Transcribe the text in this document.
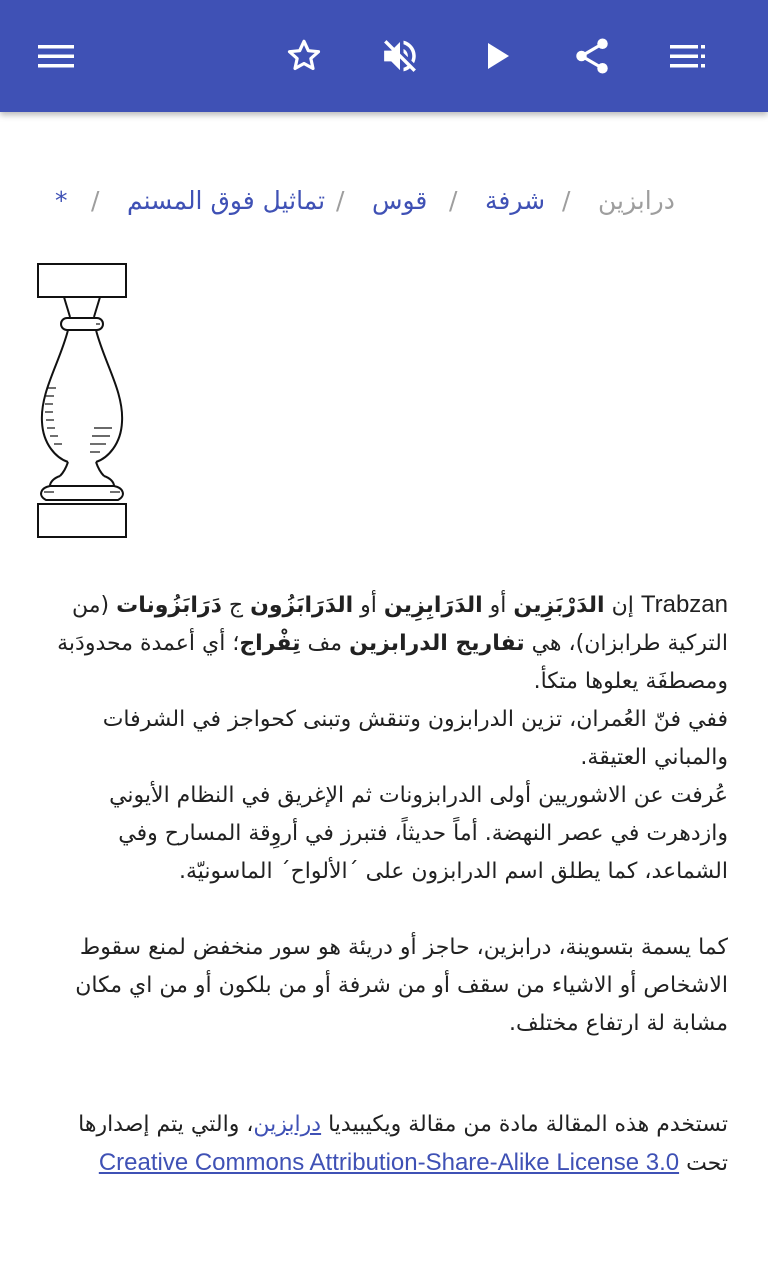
درابزين
/
شرفة
/
قوس
/
تماثيل فوق المسنم
/
*

Trabzan إن الدَرْبَزِين أو الدَرَابِزِين أو الدَرَابَزُون ج دَرَابَزُونات (من التركية طرابزان)، هي تفاريج الدرابزين مف تِفْراج؛ أي أعمدة محدودَبة ومصطفَة يعلوها متكأ.

ففي فنّ العُمران، تزين الدرابزون وتنقش وتبنى كحواجز في الشرفات والمباني العتيقة.

عُرفت عن الاشوريين أولى الدرابزونات ثم الإغريق في النظام الأيوني وازدهرت في عصر النهضة. أماً حديثاً، فتبرز في أروِقة المسارح وفي الشماعد، كما يطلق اسم الدرابزون على ´الألواح´ الماسونيّة.

كما يسمة بتسوينة، درابزين، حاجز أو دريئة هو سور منخفض لمنع سقوط الاشخاص أو الاشياء من سقف أو من شرفة أو من بلكون أو من اي مكان مشابة لة ارتفاع مختلف.

تستخدم هذه المقالة مادة من مقالة ويكيبيديا درابزين، والتي يتم إصدارها تحت Creative Commons Attribution-Share-Alike License 3.0
